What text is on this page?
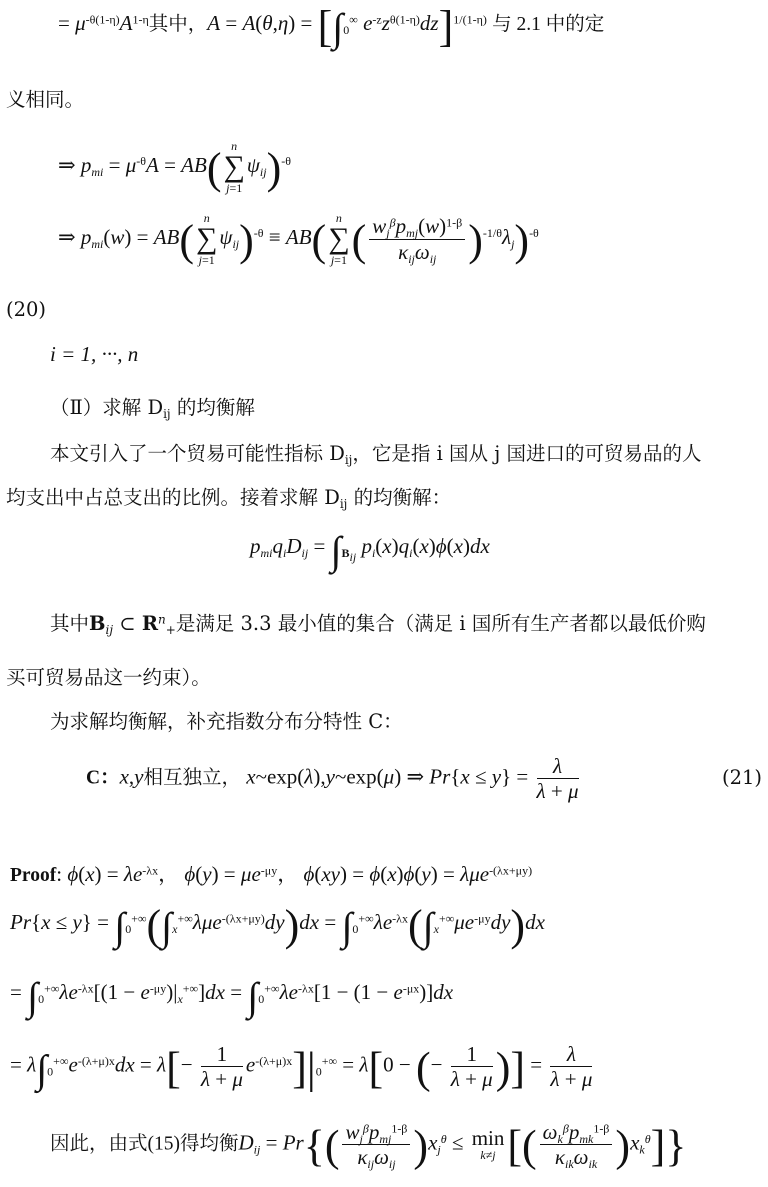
= $\mu^{-\theta(1-\eta)}A^{1-\eta}$其中，$A = A(\theta,\eta) = [\int_0^\infty$ $e^{-z}z^{\theta(1-\eta)}dz]^{1/(1-\eta)}$ 与 2.1 中的定
义相同。
⇒ $p_{mi} = \mu^{-\theta}A = AB$( n
∑
$j=1\psi_{ij})^{-\theta}$
⇒ $p_{mi}(w) = AB$( n
∑
$j=1\psi_{ij})^{-\theta} \equiv AB$( n
∑
j=1 ( $\frac{w_j^\beta p_{mj}(w)^{1-\beta}}{\kappa_{ij}\omega_{ij}} )^{-1/\theta}\lambda_j)^{-\theta}$
(20)
i = 1, ···, n
（Ⅱ）求解 $D_{ij}$ 的均衡解
本文引入了一个贸易可能性指标 $D_{ij}$，它是指 i 国从 j 国进口的可贸易品的人
均支出中占总支出的比例。接着求解 $D_{ij}$ 的均衡解：
$p_{mi}q_iD_{ij} = \int_{B_{ij}}$ $p_i(x)q_i(x)\phi(x)dx$
其中$B_{ij}$ ⊂ $R^n_+$是满足 3.3 最小值的集合（满足 i 国所有生产者都以最低价购
买可贸易品这一约束）。
为求解均衡解，补充指数分布分特性 C：
C：x,y相互独立， x~exp(λ),y~exp(μ) ⇒ $Pr\{x \le y\} = \frac{\lambda}{\lambda + \mu}$	(21)
Proof: $\phi(x) = \lambda e^{-\lambda x}$， $\phi(y) = \mu e^{-\mu y}$， ϕ(xy) = ϕ(x)ϕ(y) = λμe$^{-(\lambda x+\mu y)}$
$Pr\{x \le y\} = \int_0^{+\infty}(\int_x^{+\infty}\lambda\mu e^{-(\lambda x+\mu y)}dy)dx = \int_0^{+\infty}\lambda e^{-\lambda x}(\int_x^{+\infty}\mu e^{-\mu y}dy)dx$
= $\int_0^{+\infty}\lambda e^{-\lambda x}[(1 - e^{-\mu y})|_x^{+\infty}]dx = \int_0^{+\infty}\lambda e^{-\lambda x}[1 - (1 - e^{-\mu x})]dx$
= $\lambda\int_0^{+\infty}e^{-(\lambda+\mu)x}dx = \lambda[- \frac{1}{\lambda + \mu} e^{-(\lambda+\mu)x}]|_0^{+\infty} = \lambda[0$ − (− $\frac{1}{\lambda + \mu}$ )] = $\frac{\lambda}{\lambda + \mu}$
因此，由式(15)得均衡$D_{ij} = Pr\{( \frac{w_j^\beta p_{mj}^{1-\beta}}{\kappa_{ij}\omega_{ij}} )x_j^\theta \le \min$
k≠j [( $\frac{\omega_k^\beta p_{mk}^{1-\beta}}{\kappa_{ik}\omega_{ik}} )x_k^\theta$]}
